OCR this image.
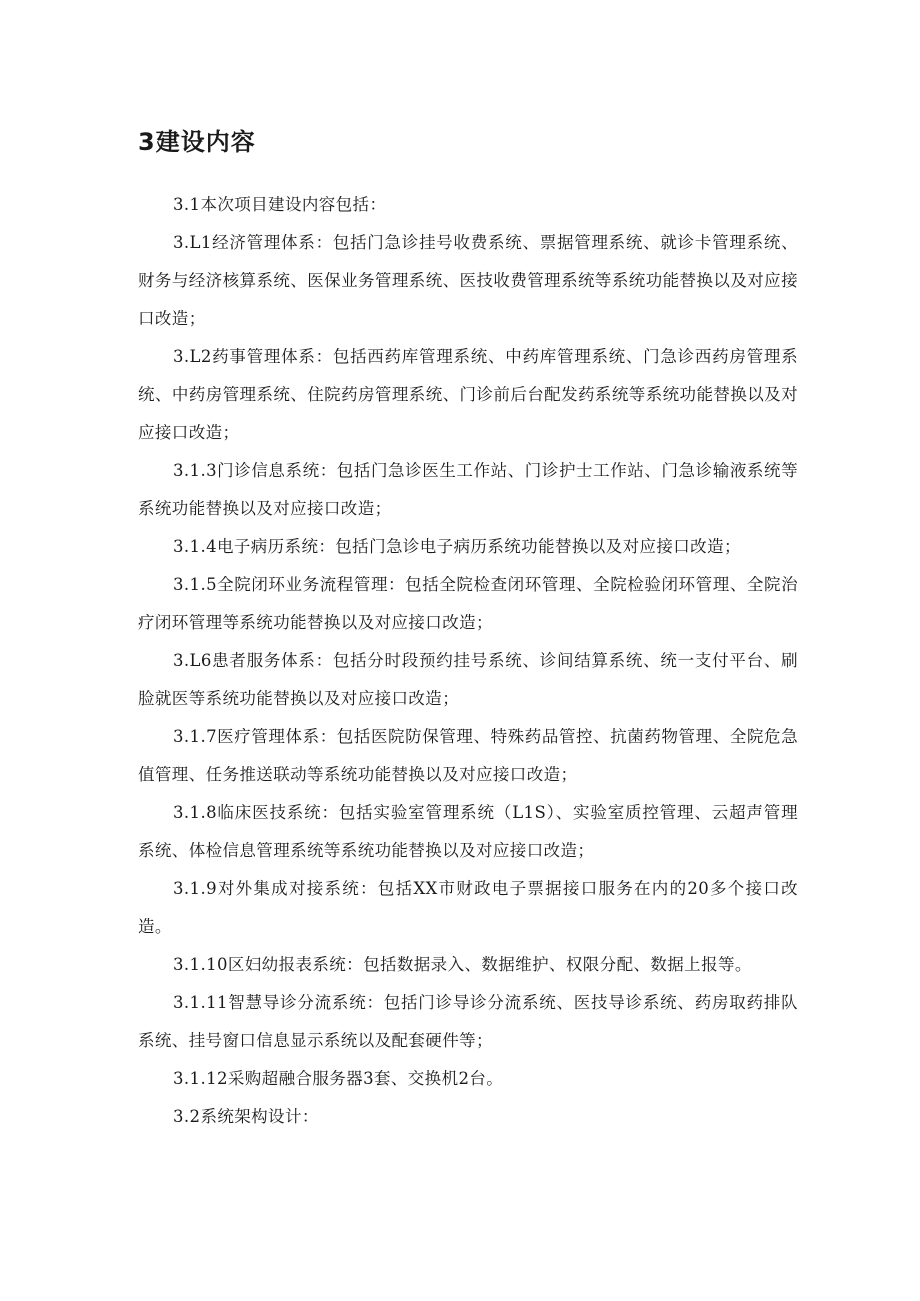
3建设内容

3.1本次项目建设内容包括：

3.L1经济管理体系：包括门急诊挂号收费系统、票据管理系统、就诊卡管理系统、财务与经济核算系统、医保业务管理系统、医技收费管理系统等系统功能替换以及对应接口改造；

3.L2药事管理体系：包括西药库管理系统、中药库管理系统、门急诊西药房管理系统、中药房管理系统、住院药房管理系统、门诊前后台配发药系统等系统功能替换以及对应接口改造；

3.1.3门诊信息系统：包括门急诊医生工作站、门诊护士工作站、门急诊输液系统等系统功能替换以及对应接口改造；

3.1.4电子病历系统：包括门急诊电子病历系统功能替换以及对应接口改造；

3.1.5全院闭环业务流程管理：包括全院检查闭环管理、全院检验闭环管理、全院治疗闭环管理等系统功能替换以及对应接口改造；

3.L6患者服务体系：包括分时段预约挂号系统、诊间结算系统、统一支付平台、刷脸就医等系统功能替换以及对应接口改造；

3.1.7医疗管理体系：包括医院防保管理、特殊药品管控、抗菌药物管理、全院危急值管理、任务推送联动等系统功能替换以及对应接口改造；

3.1.8临床医技系统：包括实验室管理系统（L1S）、实验室质控管理、云超声管理系统、体检信息管理系统等系统功能替换以及对应接口改造；

3.1.9对外集成对接系统：包括XX市财政电子票据接口服务在内的20多个接口改造。

3.1.10区妇幼报表系统：包括数据录入、数据维护、权限分配、数据上报等。

3.1.11智慧导诊分流系统：包括门诊导诊分流系统、医技导诊系统、药房取药排队系统、挂号窗口信息显示系统以及配套硬件等；

3.1.12采购超融合服务器3套、交换机2台。

3.2系统架构设计：
